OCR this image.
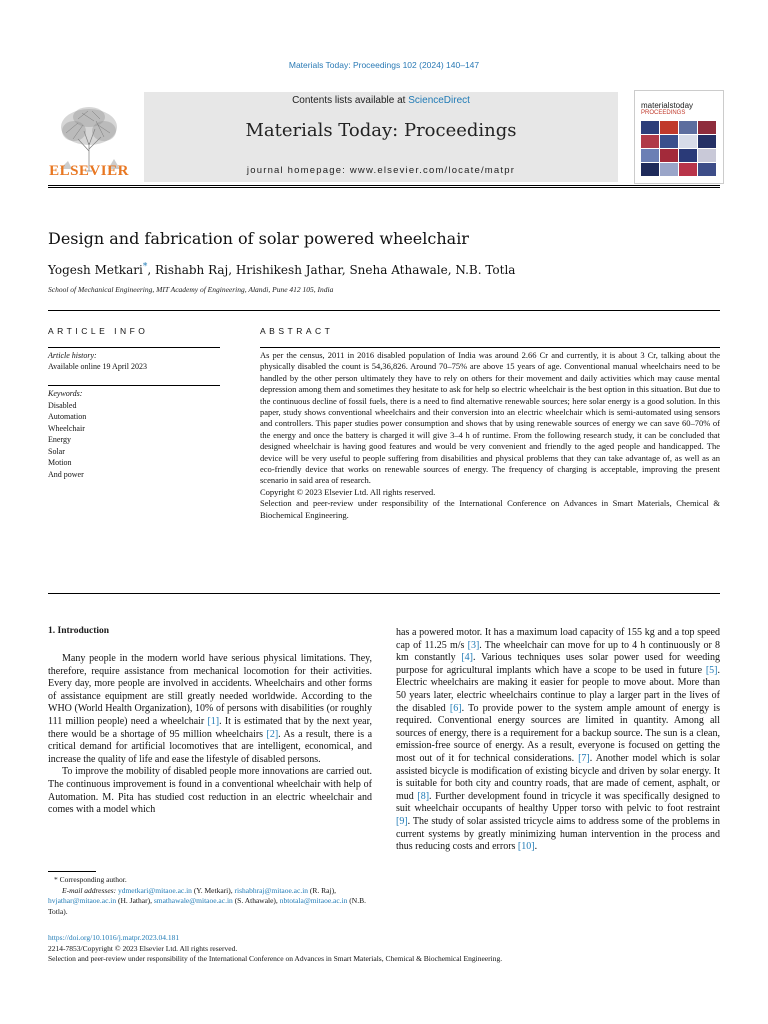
Materials Today: Proceedings 102 (2024) 140–147
ELSEVIER
Contents lists available at ScienceDirect
Materials Today: Proceedings
journal homepage: www.elsevier.com/locate/matpr
materialstoday
PROCEEDINGS
Design and fabrication of solar powered wheelchair
Yogesh Metkari*, Rishabh Raj, Hrishikesh Jathar, Sneha Athawale, N.B. Totla
School of Mechanical Engineering, MIT Academy of Engineering, Alandi, Pune 412 105, India
ARTICLE INFO	ABSTRACT
Article history:
Available online 19 April 2023
Keywords:
Disabled
Automation
Wheelchair
Energy
Solar
Motion
And power

As per the census, 2011 in 2016 disabled population of India was around 2.66 Cr and currently, it is about 3 Cr, talking about the physically disabled the count is 54,36,826. Around 70–75% are above 15 years of age. Conventional manual wheelchairs need to be handled by the other person ultimately they have to rely on others for their movement and daily activities which may cause mental depression among them and sometimes they hesitate to ask for help so electric wheelchair is the best option in this situation. But due to the continuous decline of fossil fuels, there is a need to find alternative renewable sources; here solar energy is a good solution. In this paper, study shows conventional wheelchairs and their conversion into an electric wheelchair which is semi-automated using sensors and controllers. This paper studies power consumption and shows that by using renewable sources of energy we can save 60–70% of the energy and once the battery is charged it will give 3–4 h of runtime. From the following research study, it can be concluded that designed wheelchair is having good features and would be very convenient and friendly to the aged people and handicapped. The device will be very useful to people suffering from disabilities and physical problems that they can take advantage of, as well as an eco-friendly device that works on renewable sources of energy. The frequency of charging is acceptable, improving the present scenario in said area of research.

Copyright © 2023 Elsevier Ltd. All rights reserved.

Selection and peer-review under responsibility of the International Conference on Advances in Smart Materials, Chemical & Biochemical Engineering.

1. Introduction

Many people in the modern world have serious physical limitations. They, therefore, require assistance from mechanical locomotion for their activities. Every day, more people are involved in accidents. Wheelchairs and other forms of assistance equipment are still greatly needed worldwide. According to the WHO (World Health Organization), 10% of persons with disabilities (or roughly 111 million people) need a wheelchair [1]. It is estimated that by the next year, there would be a shortage of 95 million wheelchairs [2]. As a result, there is a critical demand for artificial locomotives that are intelligent, economical, and increase the quality of life and ease the lifestyle of disabled persons.

To improve the mobility of disabled people more innovations are carried out. The continuous improvement is found in a conventional wheelchair with help of Automation. M. Pita has studied cost reduction in an electric wheelchair and comes with a model which

has a powered motor. It has a maximum load capacity of 155 kg and a top speed cap of 11.25 m/s [3]. The wheelchair can move for up to 4 h continuously or 8 km constantly [4]. Various techniques uses solar power used for weeding purpose for agricultural implants which have a scope to be used in future [5]. Electric wheelchairs are making it easier for people to move about. More than 50 years later, electric wheelchairs continue to play a larger part in the lives of the disabled [6]. To provide power to the system ample amount of energy is required. Conventional energy sources are limited in quantity. Among all sources of energy, there is a requirement for a backup source. The sun is a clean, emission-free source of energy. As a result, everyone is focused on getting the most out of it for technical considerations. [7]. Another model which is solar assisted bicycle is modification of existing bicycle and driven by solar energy. It is suitable for both city and country roads, that are made of cement, asphalt, or mud [8]. Further development found in tricycle it was specifically designed to suit wheelchair occupants of healthy Upper torso with pelvic to foot restraint [9]. The study of solar assisted tricycle aims to address some of the problems in current systems by greatly minimizing human intervention in the process and thus reducing costs and errors [10].

* Corresponding author.

E-mail addresses: ydmetkari@mitaoe.ac.in (Y. Metkari), rishabhraj@mitaoe.ac.in (R. Raj), hvjathar@mitaoe.ac.in (H. Jathar), smathawale@mitaoe.ac.in (S. Athawale), nbtotala@mitaoe.ac.in (N.B. Totla).

https://doi.org/10.1016/j.matpr.2023.04.181

2214-7853/Copyright © 2023 Elsevier Ltd. All rights reserved.

Selection and peer-review under responsibility of the International Conference on Advances in Smart Materials, Chemical & Biochemical Engineering.
